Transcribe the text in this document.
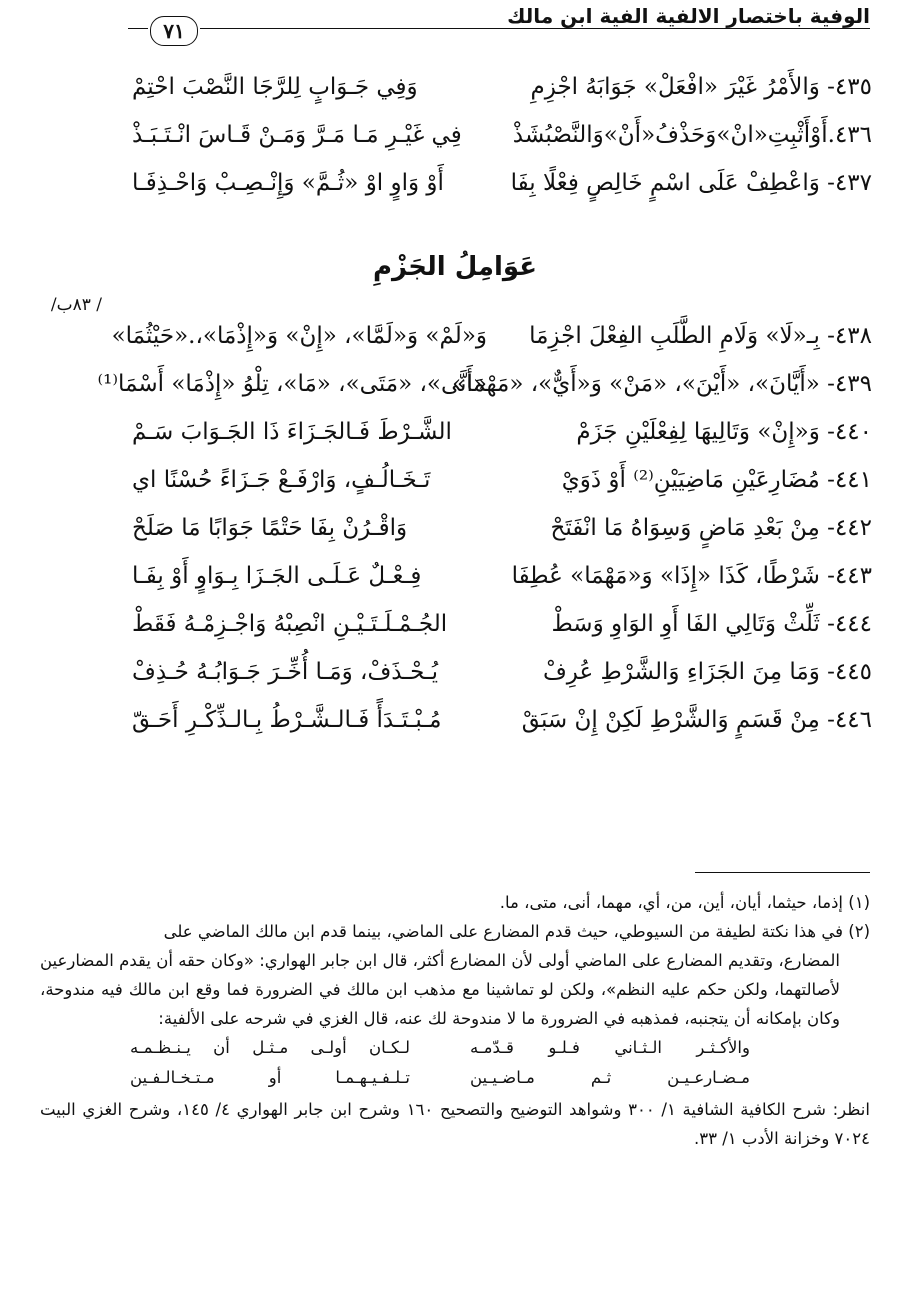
الوفية باختصار الالفية الفية ابن مالك
٧١
٤٣٥- وَالأَمْرُ غَيْرَ «افْعَلْ» جَوَابَهُ اجْزِمِ
وَفِي جَـوَابٍ لِلرَّجَا النَّصْبَ احْتِمْ
٤٣٦.أَوْأَثْبِتِ«انْ»وَحَذْفُ«أَنْ»وَالنَّصْبُشَذْ
فِي غَيْـرِ مَـا مَـرَّ وَمَـنْ قَـاسَ انْـتَـبَـذْ
٤٣٧- وَاعْطِفْ عَلَى اسْمٍ خَالِصٍ فِعْلًا بِفَا
أَوْ وَاوٍ اوْ «ثُـمَّ» وَإِنْـصِـبْ وَاحْـذِفَـا
عَوَامِلُ الجَزْمِ
/ ٨٣ب/
٤٣٨- بِـ«لَا» وَلَامِ الطَّلَبِ الفِعْلَ اجْزِمَا
وَ«لَمْ» وَ«لَمَّا»، «إِنْ» وَ«إِذْمَا»،.«حَيْثُمَا»
٤٣٩- «أَيَّانَ»، «أَيْنَ»، «مَنْ» وَ«أَيٌّ»، «مَهْمَا»
«أَنَّى»، «مَتَى»، «مَا»، تِلْوُ «إِذْمَا» أَسْمَا⁽¹⁾
٤٤٠- وَ«إِنْ» وَتَالِيهَا لِفِعْلَيْنِ جَزَمْ
الشَّـرْطَ فَـالجَـزَاءَ ذَا الجَـوَابَ سَـمْ
٤٤١- مُضَارِعَيْنِ مَاضِيَيْنِ⁽²⁾ أَوْ ذَوَيْ
تَـخَـالُـفٍ، وَارْفَـعْ جَـزَاءً حُسْنًا اي
٤٤٢- مِنْ بَعْدِ مَاضٍ وَسِوَاهُ مَا انْفَتَحْ
وَاقْـرُنْ بِفَا حَتْمًا جَوَابًا مَا صَلَحْ
٤٤٣- شَرْطًا، كَذَا «إِذَا» وَ«مَهْمَا» عُطِفَا
فِـعْـلٌ عَـلَـى الجَـزَا بِـوَاوٍ أَوْ بِفَـا
٤٤٤- ثَلِّثْ وَتَالِي الفَا أَوِ الوَاوِ وَسَطْ
الجُـمْـلَـتَـيْـنِ انْصِبْهُ وَاجْـزِمْـهُ فَقَطْ
٤٤٥- وَمَا مِنَ الجَزَاءِ وَالشَّرْطِ عُرِفْ
يُـحْـذَفْ، وَمَـا أُخِّـرَ جَـوَابُـهُ حُـذِفْ
٤٤٦- مِنْ قَسَمٍ وَالشَّرْطِ لَكِنْ إِنْ سَبَقْ
مُـبْـتَـدَأً فَـالـشَّـرْطُ بِـالـذِّكْـرِ أَحَـقّ

(١) إذما، حيثما، أيان، أين، من، أي، مهما، أنى، متى، ما.

(٢) في هذا نكتة لطيفة من السيوطي، حيث قدم المضارع على الماضي، بينما قدم ابن مالك الماضي على

المضارع، وتقديم المضارع على الماضي أولى لأن المضارع أكثر، قال ابن جابر الهواري: «وكان حقه أن يقدم المضارعين لأصالتهما، ولكن حكم عليه النظم»، ولكن لو تماشينا مع مذهب ابن مالك في الضرورة فما وقع ابن مالك فيه مندوحة، وكان بإمكانه أن يتجنبه، فمذهبه في الضرورة ما لا مندوحة لك عنه، قال الغزي في شرحه على الألفية:

والأكـثـر الـثـاني فـلـو قـدّمـه
لـكـان أولـى مـثـل أن يـنـظـمـه
مـضـارعـيـن ثـم مـاضـيـين
تـلـفـيـهـمـا أو مـتـخـالـفـين

انظر: شرح الكافية الشافية ١/ ٣٠٠ وشواهد التوضيح والتصحيح ١٦٠ وشرح ابن جابر الهواري ٤/ ١٤٥، وشرح الغزي البيت ٧٠٢٤ وخزانة الأدب ١/ ٣٣.
